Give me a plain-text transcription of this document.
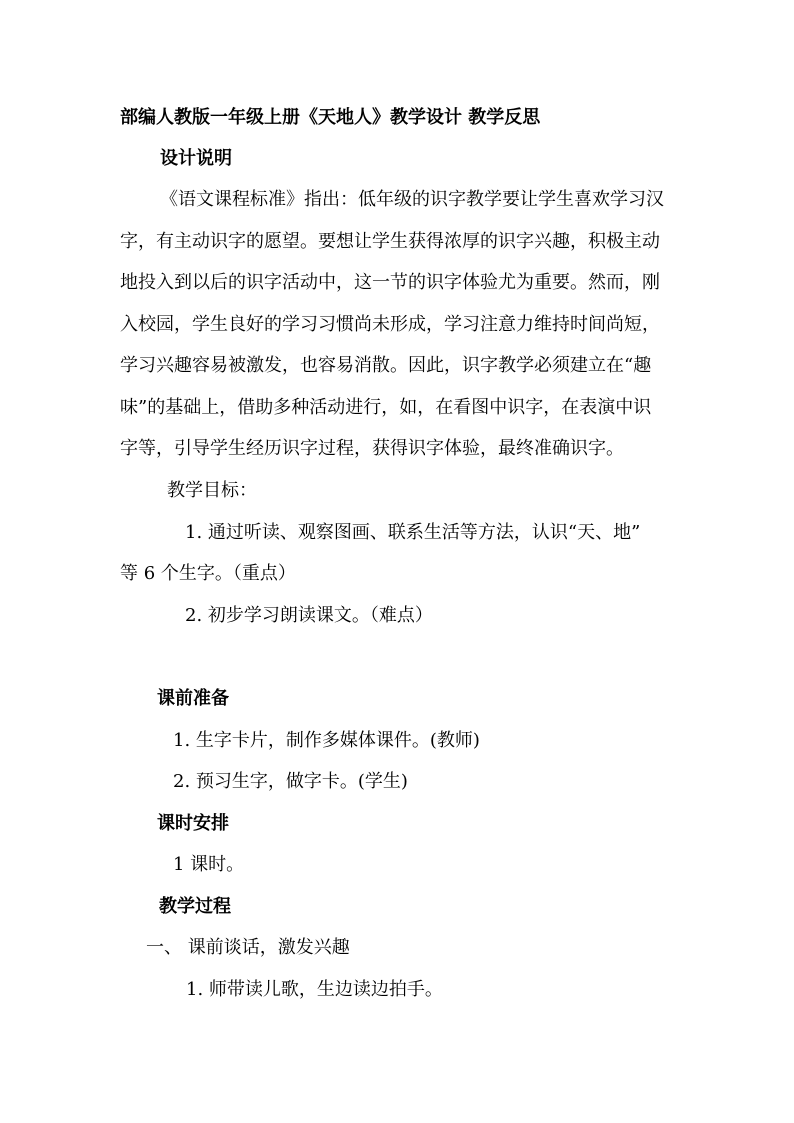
部编人教版一年级上册《天地人》教学设计 教学反思
设计说明
《语文课程标准》指出：低年级的识字教学要让学生喜欢学习汉
字，有主动识字的愿望。要想让学生获得浓厚的识字兴趣，积极主动
地投入到以后的识字活动中，这一节的识字体验尤为重要。然而，刚
入校园，学生良好的学习习惯尚未形成，学习注意力维持时间尚短，
学习兴趣容易被激发，也容易消散。因此，识字教学必须建立在“趣
味”的基础上，借助多种活动进行，如，在看图中识字，在表演中识
字等，引导学生经历识字过程，获得识字体验，最终准确识字。
教学目标：
1. 通过听读、观察图画、联系生活等方法，认识“天、地”
等 6 个生字。（重点）
2. 初步学习朗读课文。（难点）
课前准备
1. 生字卡片，制作多媒体课件。(教师)
2. 预习生字，做字卡。(学生)
课时安排
1 课时。
教学过程
一、 课前谈话，激发兴趣
1. 师带读儿歌，生边读边拍手。
